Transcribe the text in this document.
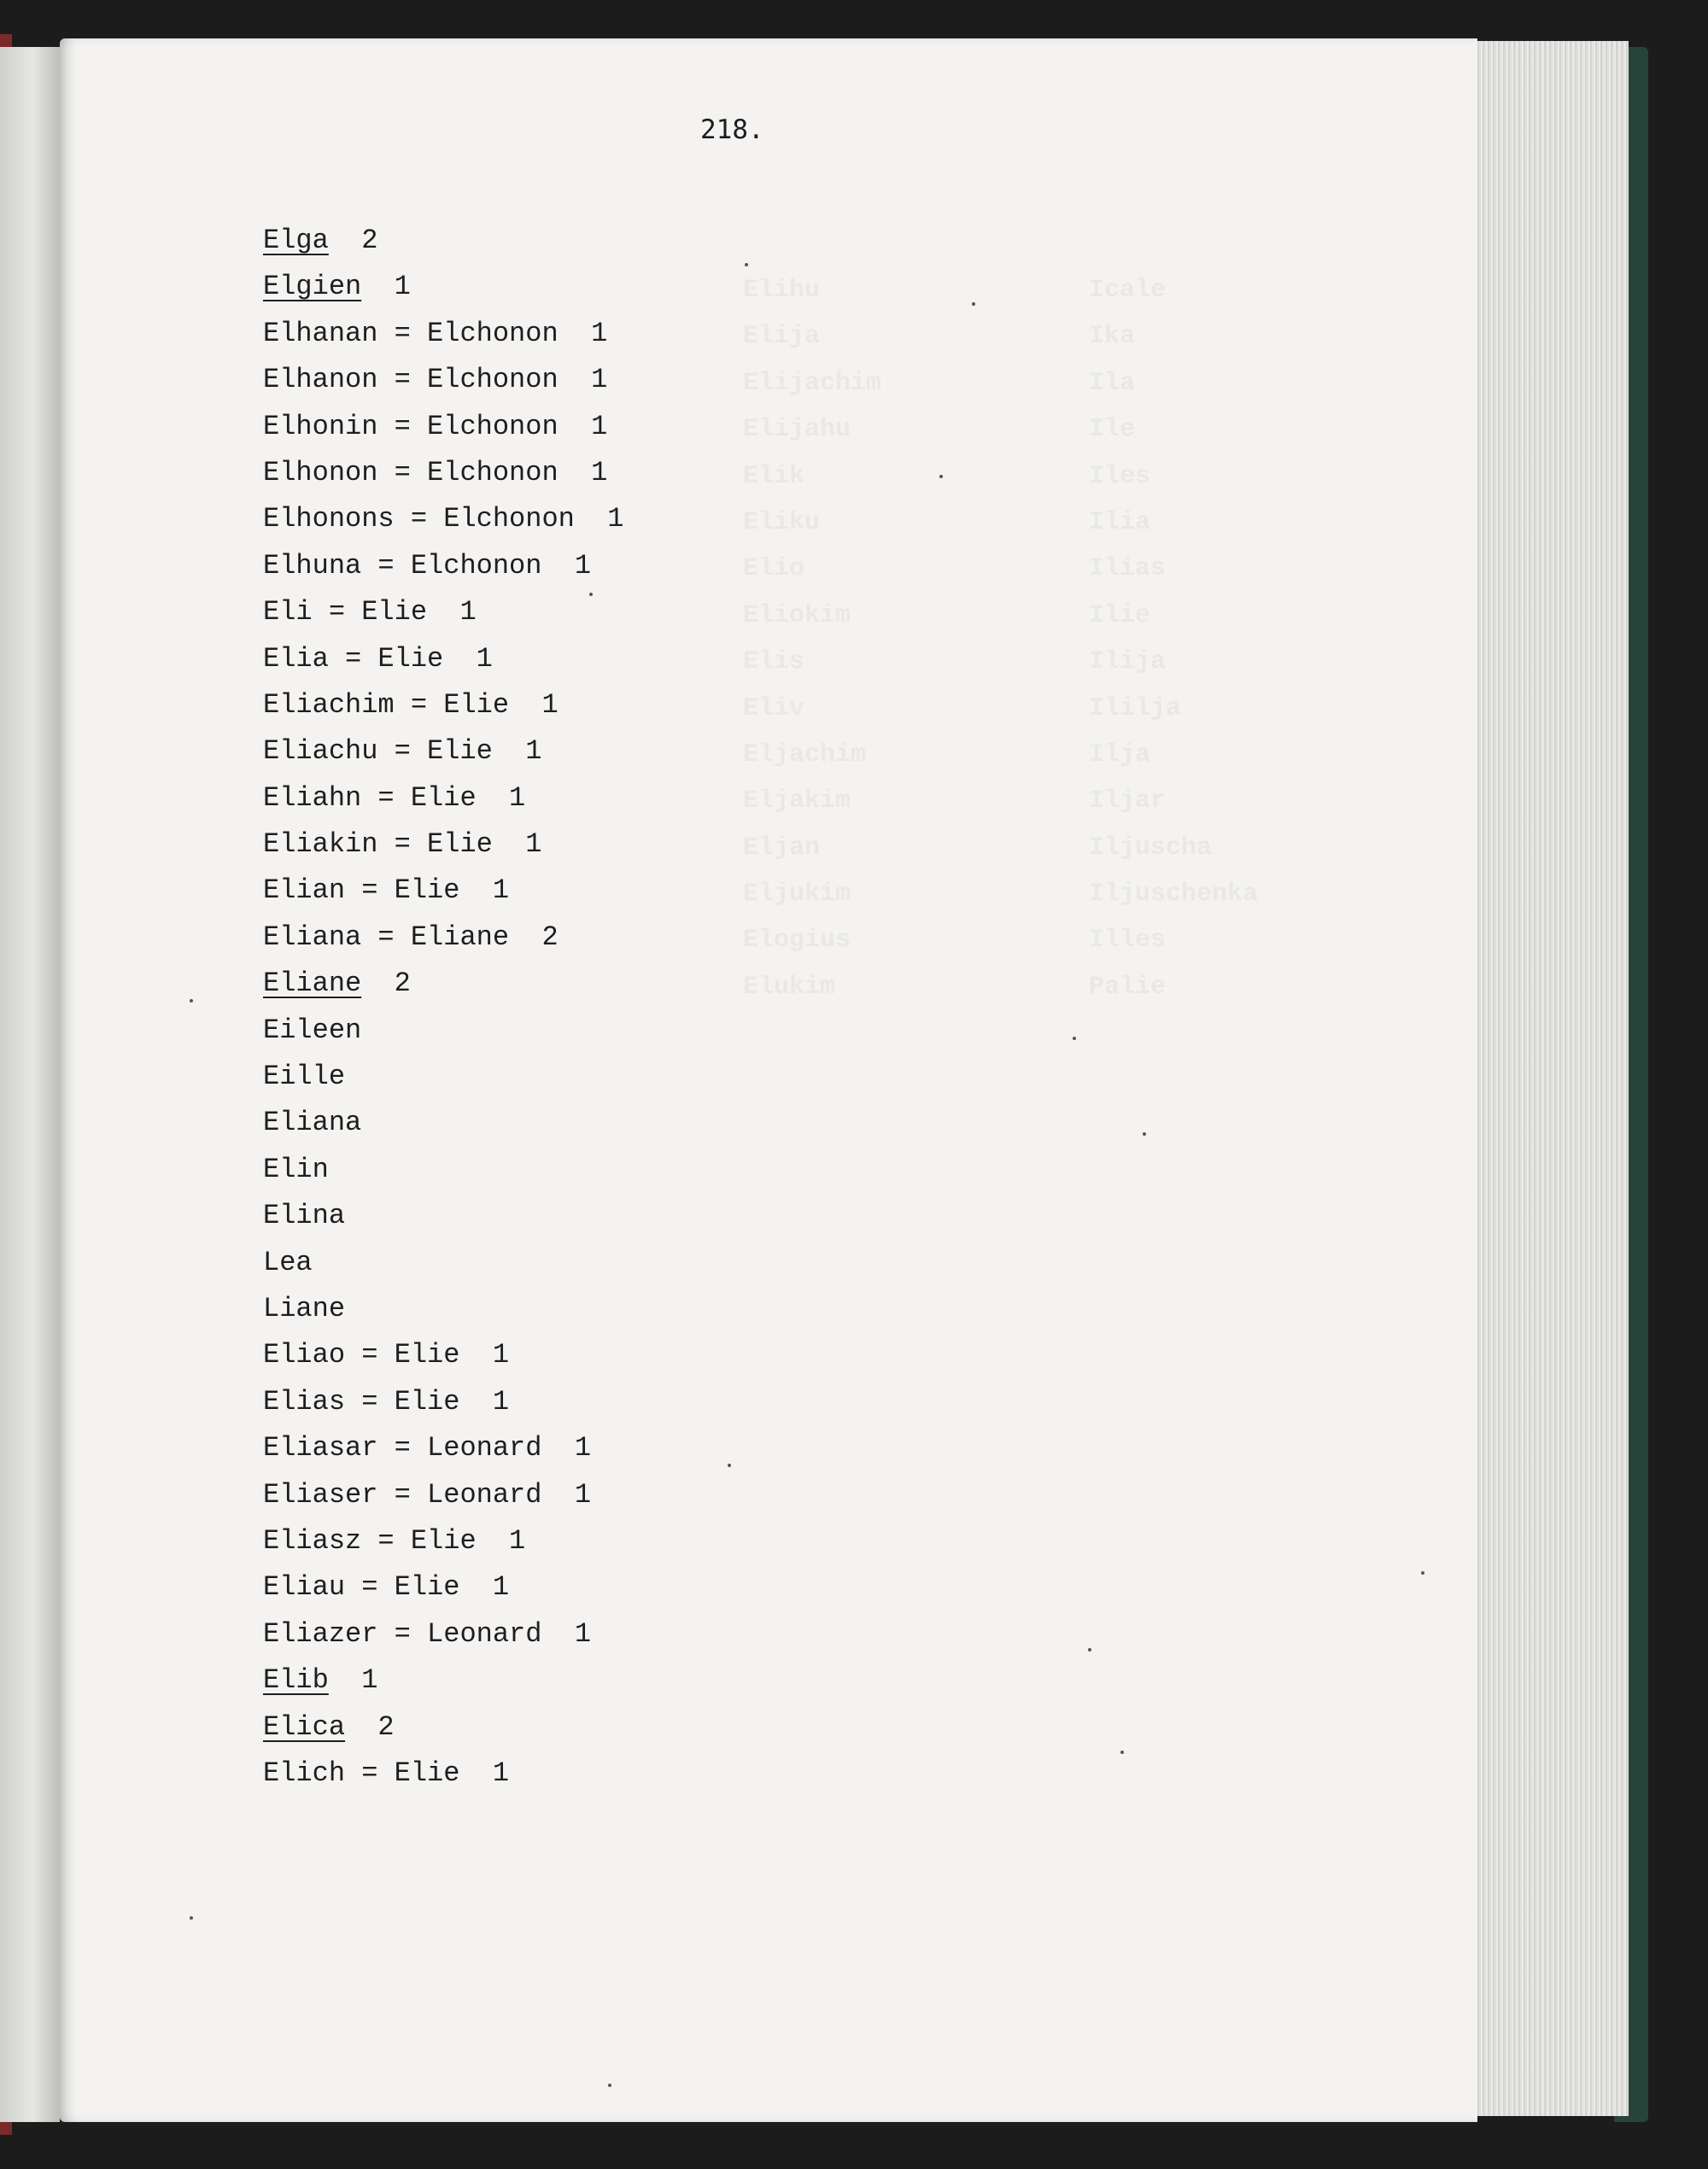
Elihu
Elija
Elijachim
Elijahu
Elik
Eliku
Elio
Eliokim
Elis
Eliv
Eljachim
Eljakim
Eljan
Eljukim
Elogius
Elukim
Icale
Ika
Ila
Ile
Iles
Ilia
Ilias
Ilie
Ilija
Ililja
Ilja
Iljar
Iljuscha
Iljuschenka
Illes
Palie
218.
Elga 2
Elgien 1
Elhanan = Elchonon 1
Elhanon = Elchonon 1
Elhonin = Elchonon 1
Elhonon = Elchonon 1
Elhonons = Elchonon 1
Elhuna = Elchonon 1
Eli = Elie 1
Elia = Elie 1
Eliachim = Elie 1
Eliachu = Elie 1
Eliahn = Elie 1
Eliakin = Elie 1
Elian = Elie 1
Eliana = Eliane 2
Eliane 2
Eileen
Eille
Eliana
Elin
Elina
Lea
Liane
Eliao = Elie 1
Elias = Elie 1
Eliasar = Leonard 1
Eliaser = Leonard 1
Eliasz = Elie 1
Eliau = Elie 1
Eliazer = Leonard 1
Elib 1
Elica 2
Elich = Elie 1
